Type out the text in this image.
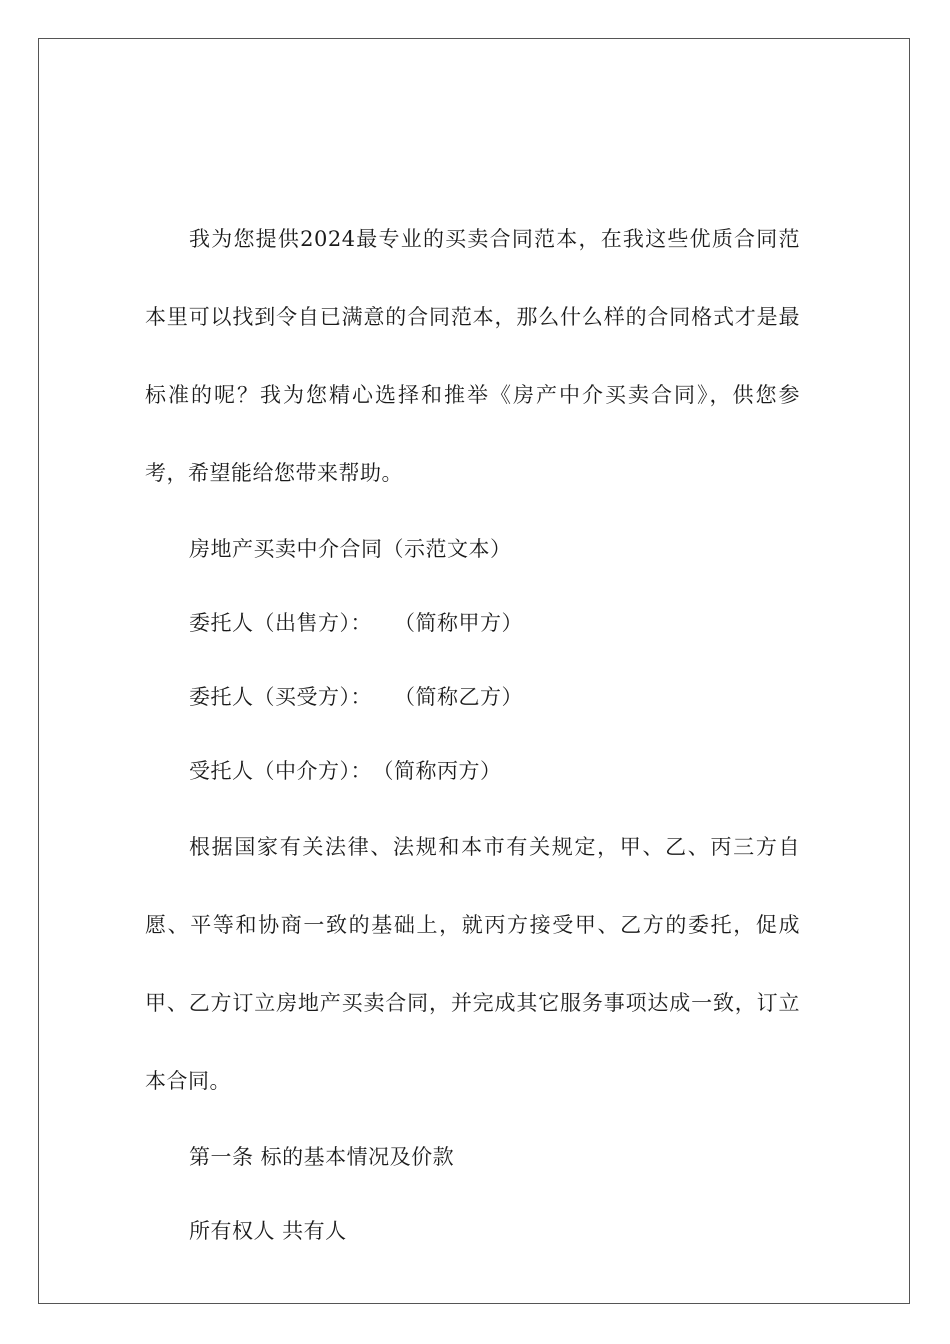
我为您提供2024最专业的买卖合同范本，在我这些优质合同范本里可以找到令自已满意的合同范本，那么什么样的合同格式才是最标准的呢？我为您精心选择和推举《房产中介买卖合同》，供您参考，希望能给您带来帮助。

房地产买卖中介合同（示范文本）

委托人（出售方）：　　（简称甲方）

委托人（买受方）：　　（简称乙方）

受托人（中介方）：　（简称丙方）

根据国家有关法律、法规和本市有关规定，甲、乙、丙三方自愿、平等和协商一致的基础上，就丙方接受甲、乙方的委托，促成甲、乙方订立房地产买卖合同，并完成其它服务事项达成一致，订立本合同。

第一条 标的基本情况及价款

所有权人 共有人
